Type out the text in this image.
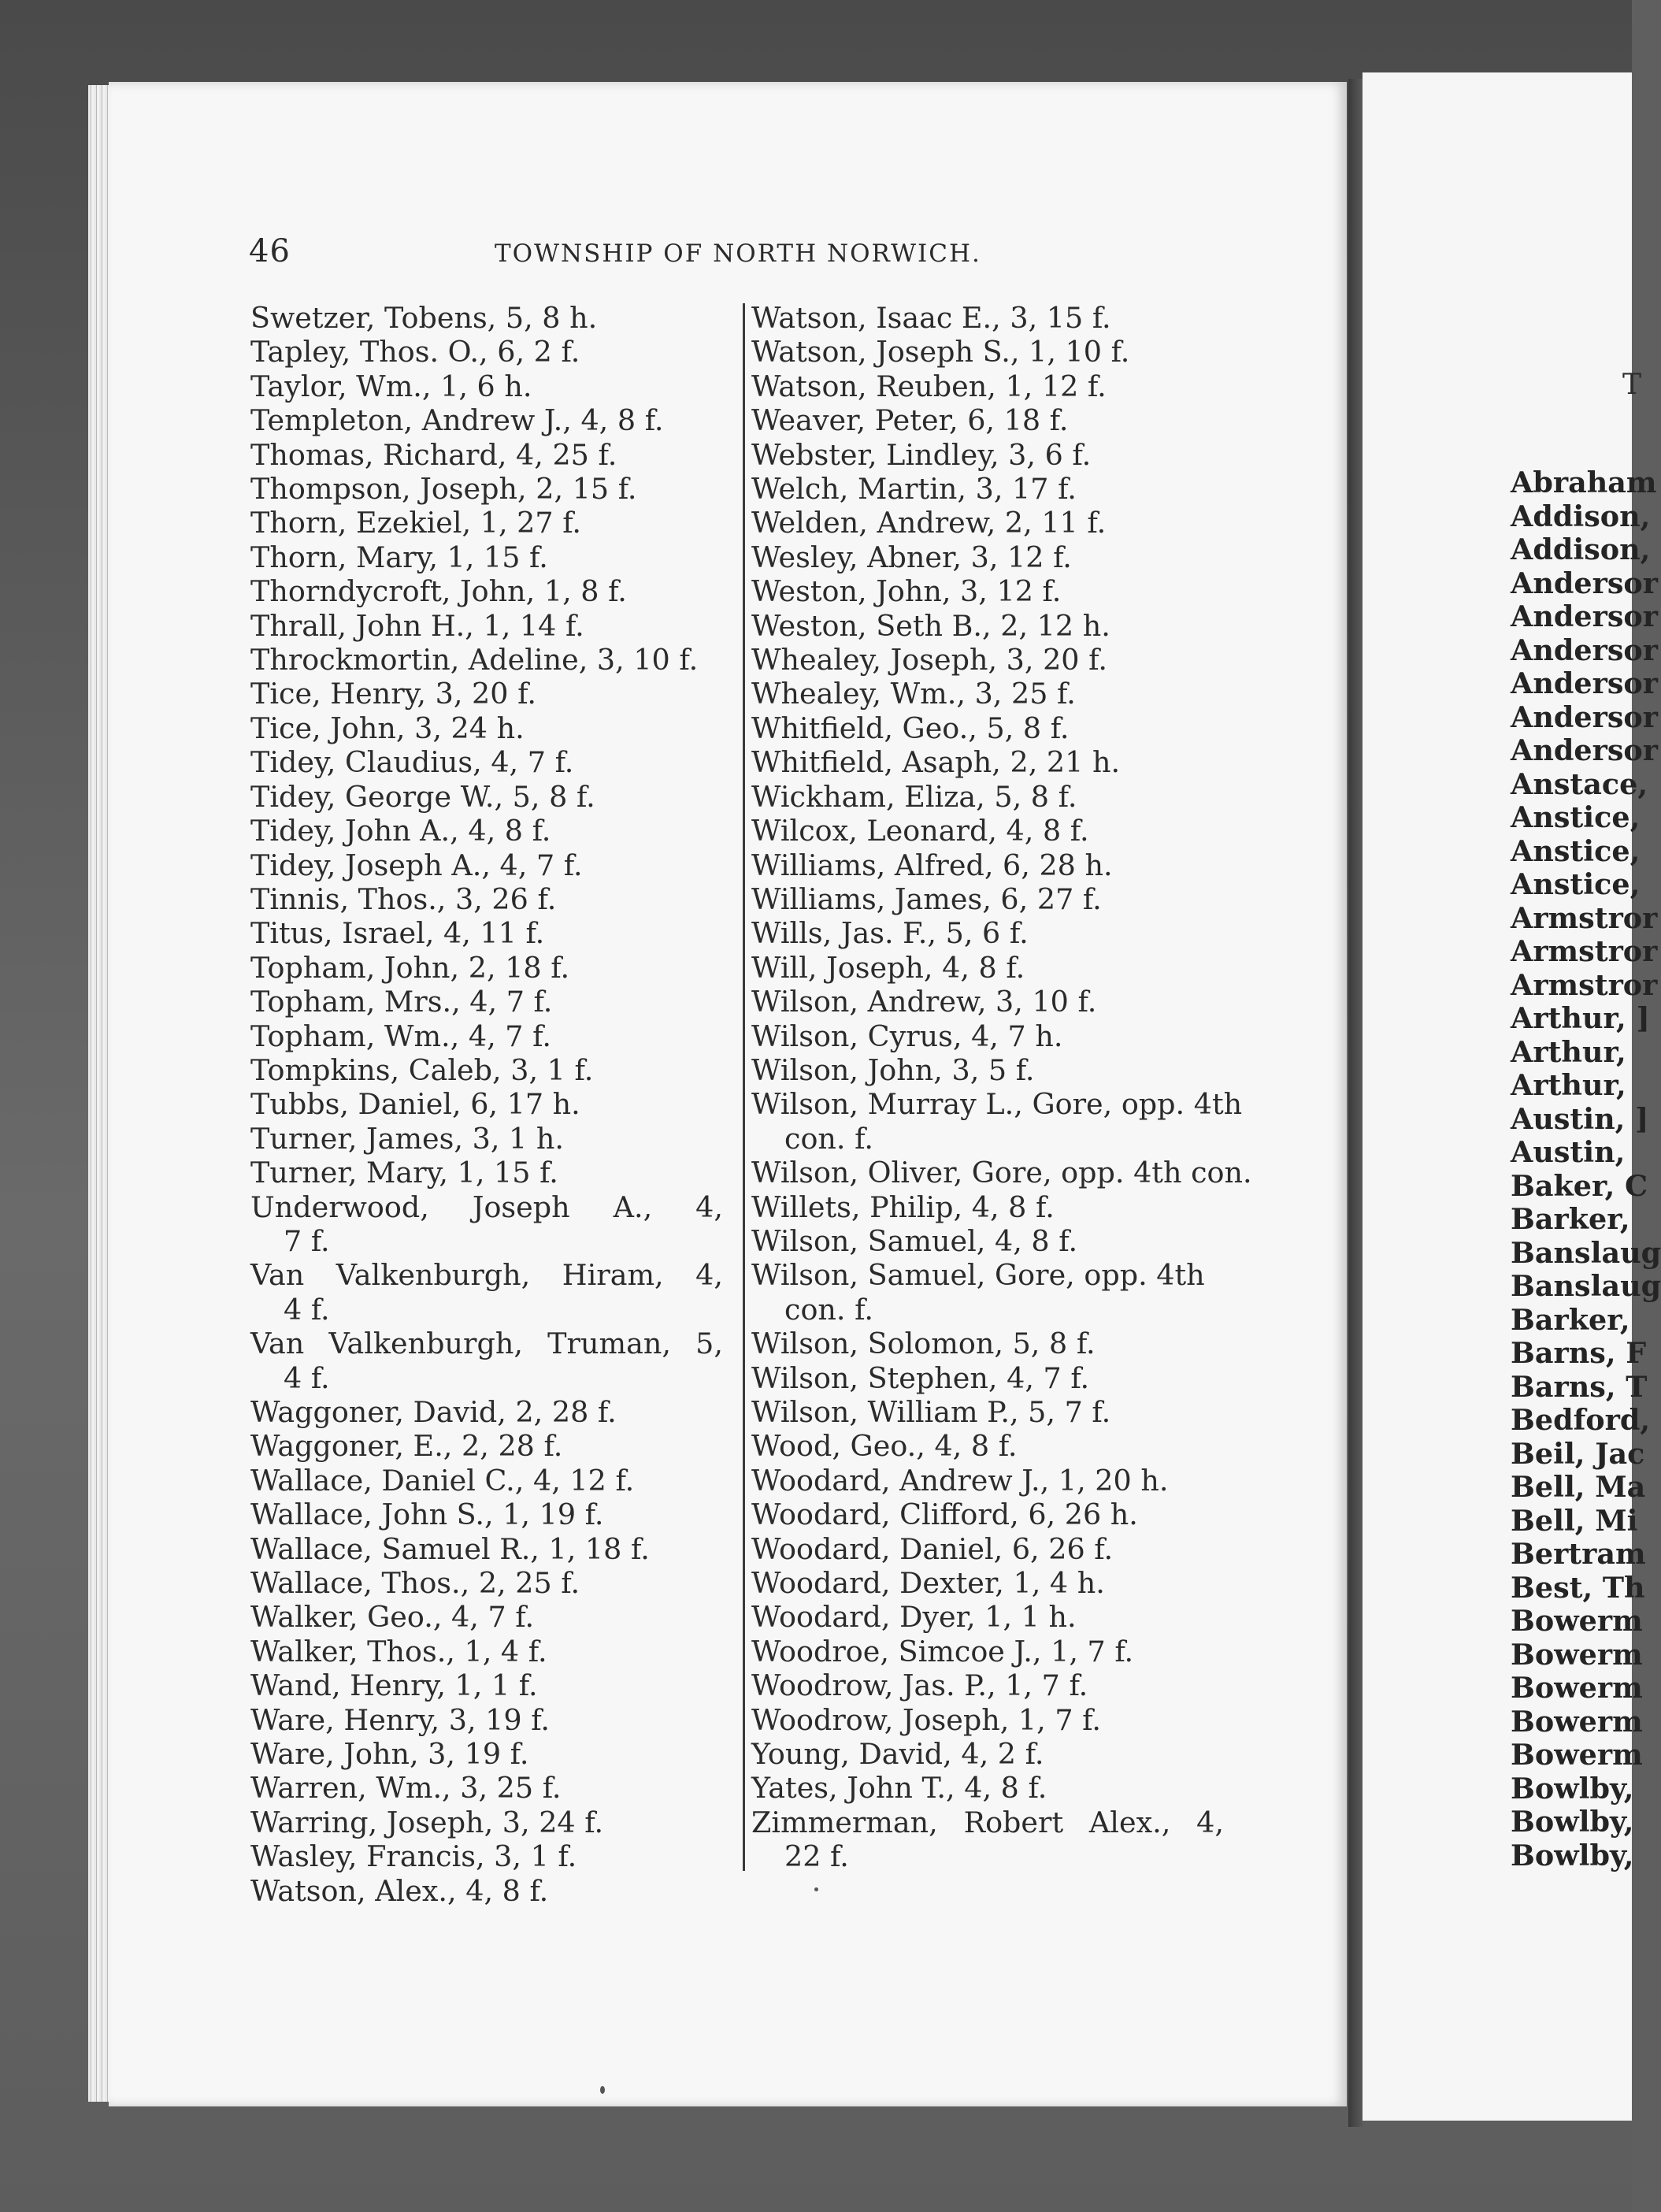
46	TOWNSHIP OF NORTH NORWICH.
Swetzer, Tobens, 5, 8 h.
Tapley, Thos. O., 6, 2 f.
Taylor, Wm., 1, 6 h.
Templeton, Andrew J., 4, 8 f.
Thomas, Richard, 4, 25 f.
Thompson, Joseph, 2, 15 f.
Thorn, Ezekiel, 1, 27 f.
Thorn, Mary, 1, 15 f.
Thorndycroft, John, 1, 8 f.
Thrall, John H., 1, 14 f.
Throckmortin, Adeline, 3, 10 f.
Tice, Henry, 3, 20 f.
Tice, John, 3, 24 h.
Tidey, Claudius, 4, 7 f.
Tidey, George W., 5, 8 f.
Tidey, John A., 4, 8 f.
Tidey, Joseph A., 4, 7 f.
Tinnis, Thos., 3, 26 f.
Titus, Israel, 4, 11 f.
Topham, John, 2, 18 f.
Topham, Mrs., 4, 7 f.
Topham, Wm., 4, 7 f.
Tompkins, Caleb, 3, 1 f.
Tubbs, Daniel, 6, 17 h.
Turner, James, 3, 1 h.
Turner, Mary, 1, 15 f.
Underwood, Joseph A., 4,
7 f.
Van Valkenburgh, Hiram, 4,
4 f.
Van Valkenburgh, Truman, 5,
4 f.
Waggoner, David, 2, 28 f.
Waggoner, E., 2, 28 f.
Wallace, Daniel C., 4, 12 f.
Wallace, John S., 1, 19 f.
Wallace, Samuel R., 1, 18 f.
Wallace, Thos., 2, 25 f.
Walker, Geo., 4, 7 f.
Walker, Thos., 1, 4 f.
Wand, Henry, 1, 1 f.
Ware, Henry, 3, 19 f.
Ware, John, 3, 19 f.
Warren, Wm., 3, 25 f.
Warring, Joseph, 3, 24 f.
Wasley, Francis, 3, 1 f.
Watson, Alex., 4, 8 f.
Watson, Isaac E., 3, 15 f.
Watson, Joseph S., 1, 10 f.
Watson, Reuben, 1, 12 f.
Weaver, Peter, 6, 18 f.
Webster, Lindley, 3, 6 f.
Welch, Martin, 3, 17 f.
Welden, Andrew, 2, 11 f.
Wesley, Abner, 3, 12 f.
Weston, John, 3, 12 f.
Weston, Seth B., 2, 12 h.
Whealey, Joseph, 3, 20 f.
Whealey, Wm., 3, 25 f.
Whitfield, Geo., 5, 8 f.
Whitfield, Asaph, 2, 21 h.
Wickham, Eliza, 5, 8 f.
Wilcox, Leonard, 4, 8 f.
Williams, Alfred, 6, 28 h.
Williams, James, 6, 27 f.
Wills, Jas. F., 5, 6 f.
Will, Joseph, 4, 8 f.
Wilson, Andrew, 3, 10 f.
Wilson, Cyrus, 4, 7 h.
Wilson, John, 3, 5 f.
Wilson, Murray L., Gore, opp. 4th
con. f.
Wilson, Oliver, Gore, opp. 4th con.
Willets, Philip, 4, 8 f.
Wilson, Samuel, 4, 8 f.
Wilson, Samuel, Gore, opp. 4th
con. f.
Wilson, Solomon, 5, 8 f.
Wilson, Stephen, 4, 7 f.
Wilson, William P., 5, 7 f.
Wood, Geo., 4, 8 f.
Woodard, Andrew J., 1, 20 h.
Woodard, Clifford, 6, 26 h.
Woodard, Daniel, 6, 26 f.
Woodard, Dexter, 1, 4 h.
Woodard, Dyer, 1, 1 h.
Woodroe, Simcoe J., 1, 7 f.
Woodrow, Jas. P., 1, 7 f.
Woodrow, Joseph, 1, 7 f.
Young, David, 4, 2 f.
Yates, John T., 4, 8 f.
Zimmerman, Robert Alex., 4,
22 f.
T
Abraham
Addison,
Addison,
Andersor
Andersor
Andersor
Andersor
Andersor
Andersor
Anstace,
Anstice,
Anstice,
Anstice,
Armstror
Armstror
Armstror
Arthur, ]
Arthur,
Arthur,
Austin, ]
Austin,
Baker, C
Barker,
Banslaug
Banslaug
Barker,
Barns, F
Barns, T
Bedford,
Beil, Jac
Bell, Ma
Bell, Mi
Bertram
Best, Th
Bowerm
Bowerm
Bowerm
Bowerm
Bowerm
Bowlby,
Bowlby,
Bowlby,
